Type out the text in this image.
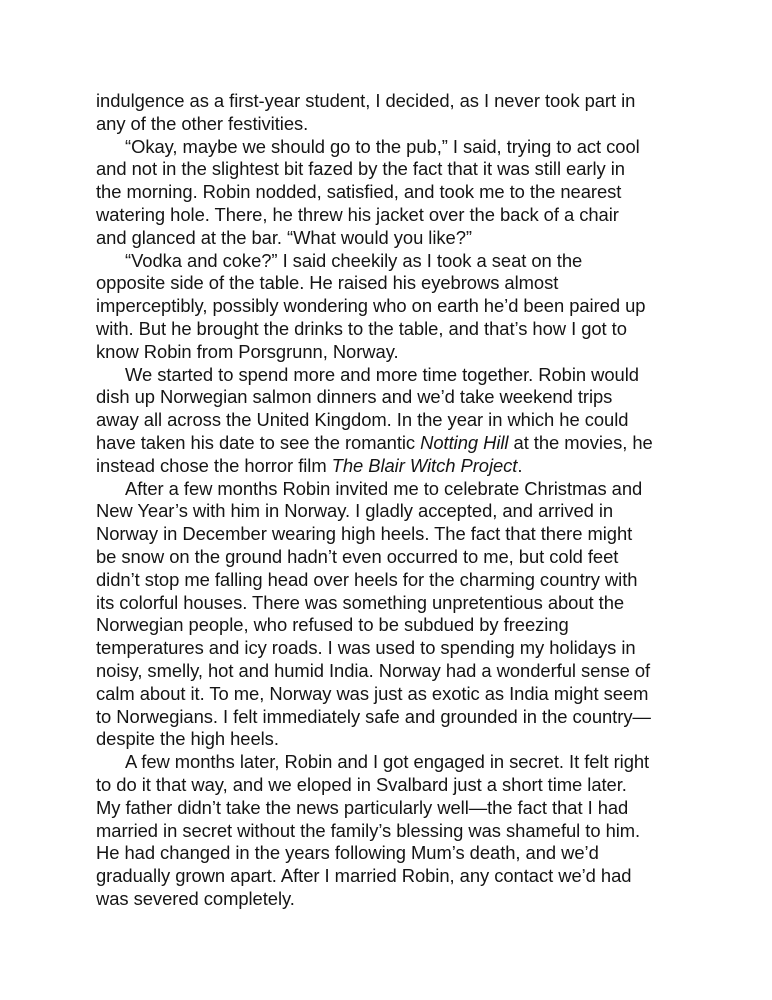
indulgence as a first-year student, I decided, as I never took part in
any of the other festivities.
“Okay, maybe we should go to the pub,” I said, trying to act cool
and not in the slightest bit fazed by the fact that it was still early in
the morning. Robin nodded, satisfied, and took me to the nearest
watering hole. There, he threw his jacket over the back of a chair
and glanced at the bar. “What would you like?”
“Vodka and coke?” I said cheekily as I took a seat on the
opposite side of the table. He raised his eyebrows almost
imperceptibly, possibly wondering who on earth he’d been paired up
with. But he brought the drinks to the table, and that’s how I got to
know Robin from Porsgrunn, Norway.
We started to spend more and more time together. Robin would
dish up Norwegian salmon dinners and we’d take weekend trips
away all across the United Kingdom. In the year in which he could
have taken his date to see the romantic Notting Hill at the movies, he
instead chose the horror film The Blair Witch Project.
After a few months Robin invited me to celebrate Christmas and
New Year’s with him in Norway. I gladly accepted, and arrived in
Norway in December wearing high heels. The fact that there might
be snow on the ground hadn’t even occurred to me, but cold feet
didn’t stop me falling head over heels for the charming country with
its colorful houses. There was something unpretentious about the
Norwegian people, who refused to be subdued by freezing
temperatures and icy roads. I was used to spending my holidays in
noisy, smelly, hot and humid India. Norway had a wonderful sense of
calm about it. To me, Norway was just as exotic as India might seem
to Norwegians. I felt immediately safe and grounded in the country—
despite the high heels.
A few months later, Robin and I got engaged in secret. It felt right
to do it that way, and we eloped in Svalbard just a short time later.
My father didn’t take the news particularly well—the fact that I had
married in secret without the family’s blessing was shameful to him.
He had changed in the years following Mum’s death, and we’d
gradually grown apart. After I married Robin, any contact we’d had
was severed completely.
